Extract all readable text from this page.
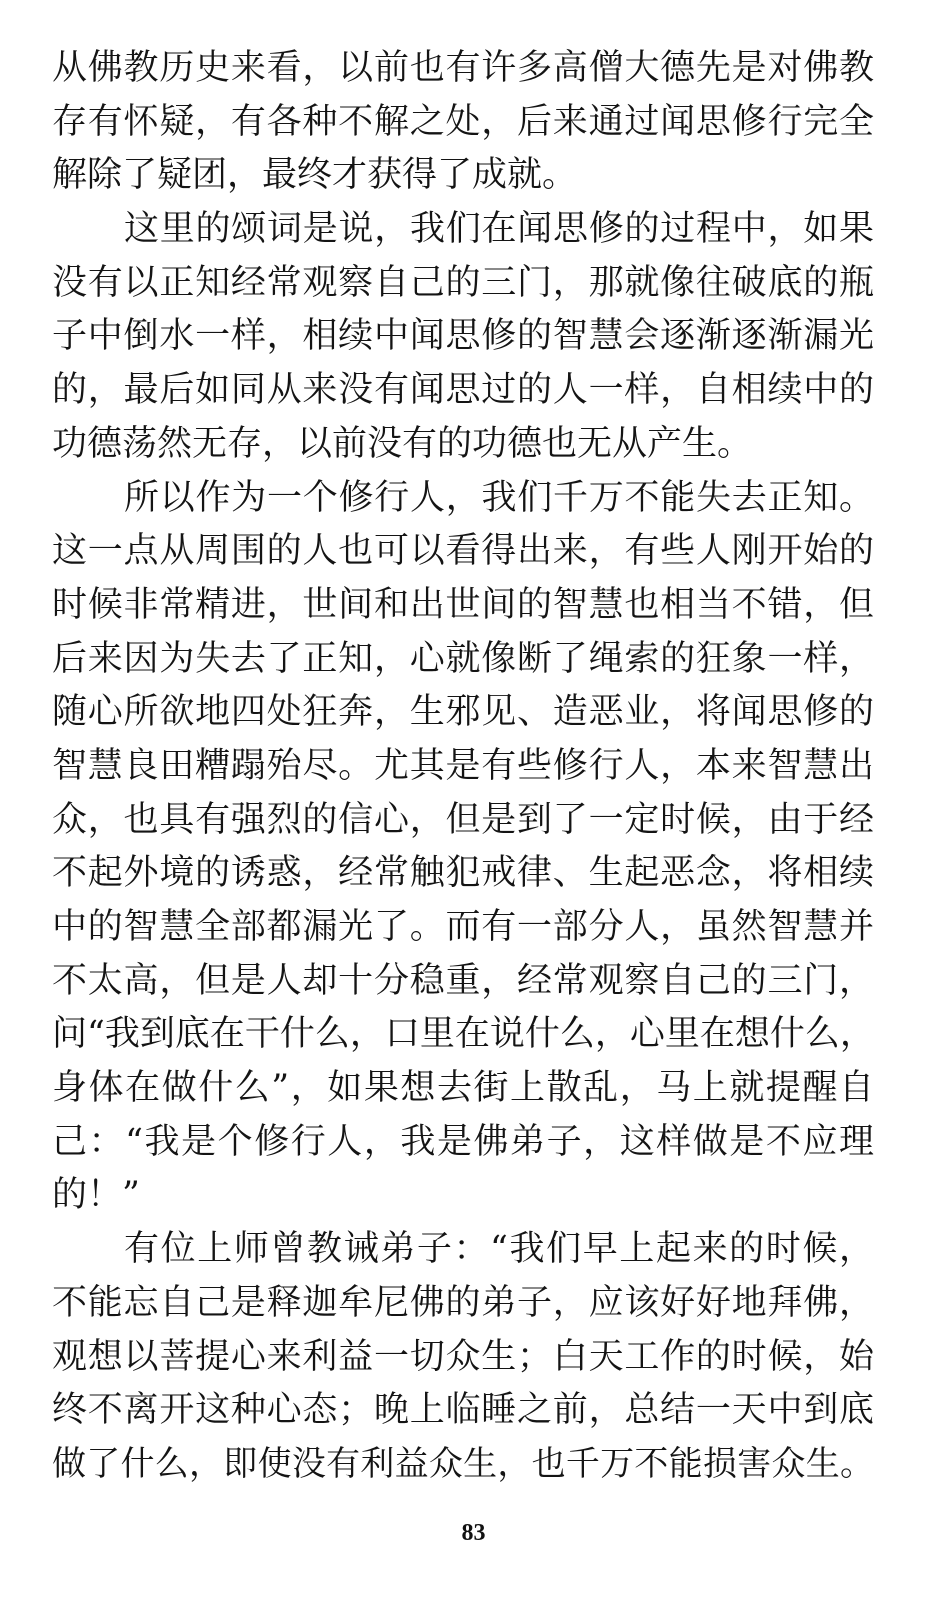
从佛教历史来看，以前也有许多高僧大德先是对佛教
存有怀疑，有各种不解之处，后来通过闻思修行完全
解除了疑团，最终才获得了成就。
这里的颂词是说，我们在闻思修的过程中，如果
没有以正知经常观察自己的三门，那就像往破底的瓶
子中倒水一样，相续中闻思修的智慧会逐渐逐渐漏光
的，最后如同从来没有闻思过的人一样，自相续中的
功德荡然无存，以前没有的功德也无从产生。
所以作为一个修行人，我们千万不能失去正知。
这一点从周围的人也可以看得出来，有些人刚开始的
时候非常精进，世间和出世间的智慧也相当不错，但
后来因为失去了正知，心就像断了绳索的狂象一样，
随心所欲地四处狂奔，生邪见、造恶业，将闻思修的
智慧良田糟蹋殆尽。尤其是有些修行人，本来智慧出
众，也具有强烈的信心，但是到了一定时候，由于经
不起外境的诱惑，经常触犯戒律、生起恶念，将相续
中的智慧全部都漏光了。而有一部分人，虽然智慧并
不太高，但是人却十分稳重，经常观察自己的三门，
问“我到底在干什么，口里在说什么，心里在想什么，
身体在做什么”，如果想去街上散乱，马上就提醒自
己：“我是个修行人，我是佛弟子，这样做是不应理
的！”
有位上师曾教诫弟子：“我们早上起来的时候，
不能忘自己是释迦牟尼佛的弟子，应该好好地拜佛，
观想以菩提心来利益一切众生；白天工作的时候，始
终不离开这种心态；晚上临睡之前，总结一天中到底
做了什么，即使没有利益众生，也千万不能损害众生。
83
